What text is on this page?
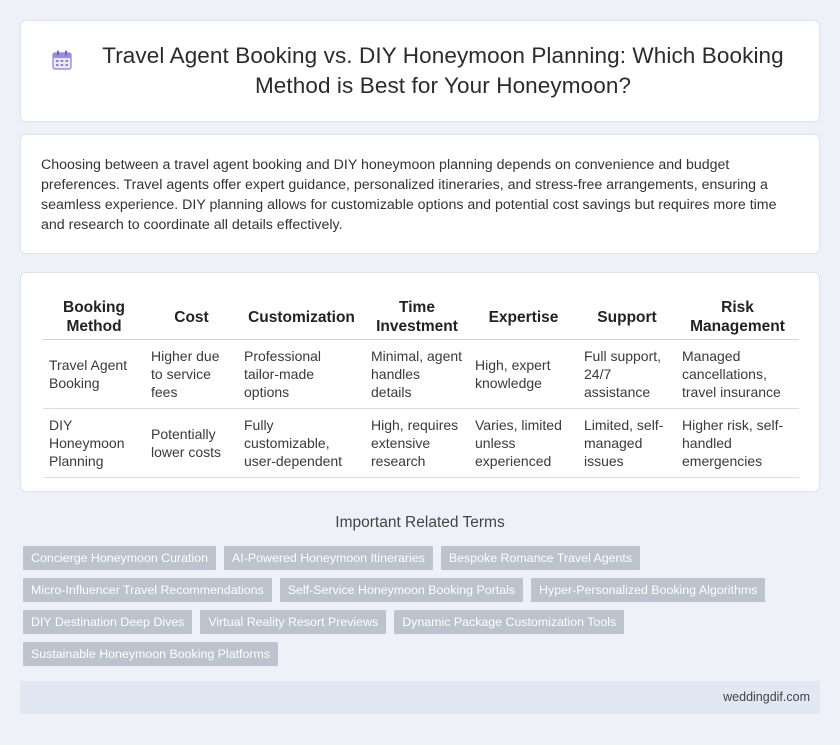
Travel Agent Booking vs. DIY Honeymoon Planning: Which Booking Method is Best for Your Honeymoon?

Choosing between a travel agent booking and DIY honeymoon planning depends on convenience and budget preferences. Travel agents offer expert guidance, personalized itineraries, and stress-free arrangements, ensuring a seamless experience. DIY planning allows for customizable options and potential cost savings but requires more time and research to coordinate all details effectively.

Booking Method	Cost	Customization	Time Investment	Expertise	Support	Risk Management
Travel Agent Booking	Higher due to service fees	Professional tailor-made options	Minimal, agent handles details	High, expert knowledge	Full support, 24/7 assistance	Managed cancellations, travel insurance
DIY Honeymoon Planning	Potentially lower costs	Fully customizable, user-dependent	High, requires extensive research	Varies, limited unless experienced	Limited, self-managed issues	Higher risk, self-handled emergencies
Important Related Terms
Concierge Honeymoon Curation	AI-Powered Honeymoon Itineraries	Bespoke Romance Travel Agents
Micro-Influencer Travel Recommendations	Self-Service Honeymoon Booking Portals	Hyper-Personalized Booking Algorithms
DIY Destination Deep Dives	Virtual Reality Resort Previews	Dynamic Package Customization Tools
Sustainable Honeymoon Booking Platforms
weddingdif.com
